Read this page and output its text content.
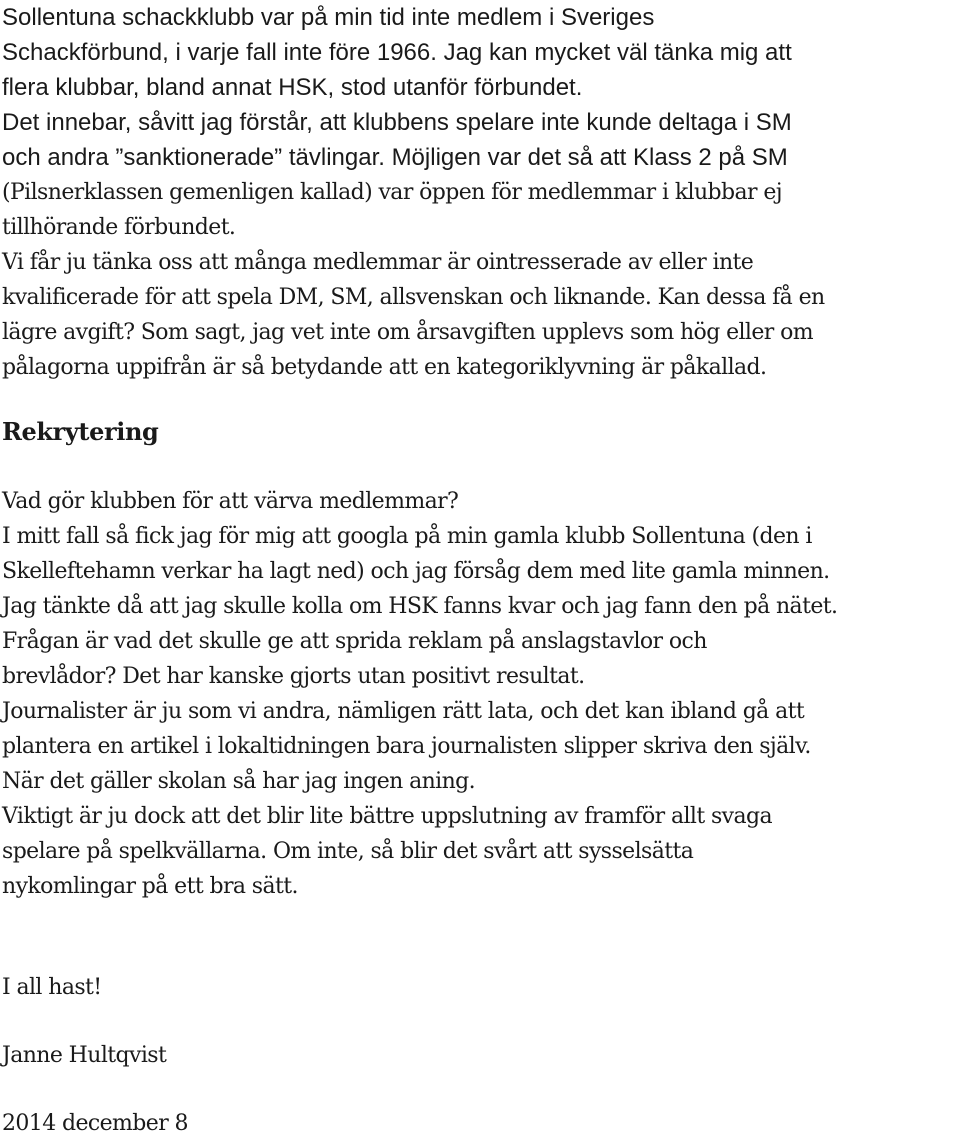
Sollentuna schackklubb var på min tid inte medlem i Sveriges
Schackförbund, i varje fall inte före 1966. Jag kan mycket väl tänka mig att
flera klubbar, bland annat HSK, stod utanför förbundet.
Det innebar, såvitt jag förstår, att klubbens spelare inte kunde deltaga i SM
och andra ”sanktionerade” tävlingar. Möjligen var det så att Klass 2 på SM
(Pilsnerklassen gemenligen kallad) var öppen för medlemmar i klubbar ej
tillhörande förbundet.
Vi får ju tänka oss att många medlemmar är ointresserade av eller inte
kvalificerade för att spela DM, SM, allsvenskan och liknande. Kan dessa få en
lägre avgift? Som sagt, jag vet inte om årsavgiften upplevs som hög eller om
pålagorna uppifrån är så betydande att en kategoriklyvning är påkallad.
Rekrytering
Vad gör klubben för att värva medlemmar?
I mitt fall så fick jag för mig att googla på min gamla klubb Sollentuna (den i
Skelleftehamn verkar ha lagt ned) och jag försåg dem med lite gamla minnen.
Jag tänkte då att jag skulle kolla om HSK fanns kvar och jag fann den på nätet.
Frågan är vad det skulle ge att sprida reklam på anslagstavlor och
brevlådor? Det har kanske gjorts utan positivt resultat.
Journalister är ju som vi andra, nämligen rätt lata, och det kan ibland gå att
plantera en artikel i lokaltidningen bara journalisten slipper skriva den själv.
När det gäller skolan så har jag ingen aning.
Viktigt är ju dock att det blir lite bättre uppslutning av framför allt svaga
spelare på spelkvällarna. Om inte, så blir det svårt att sysselsätta
nykomlingar på ett bra sätt.
I all hast!
Janne Hultqvist
2014 december 8
